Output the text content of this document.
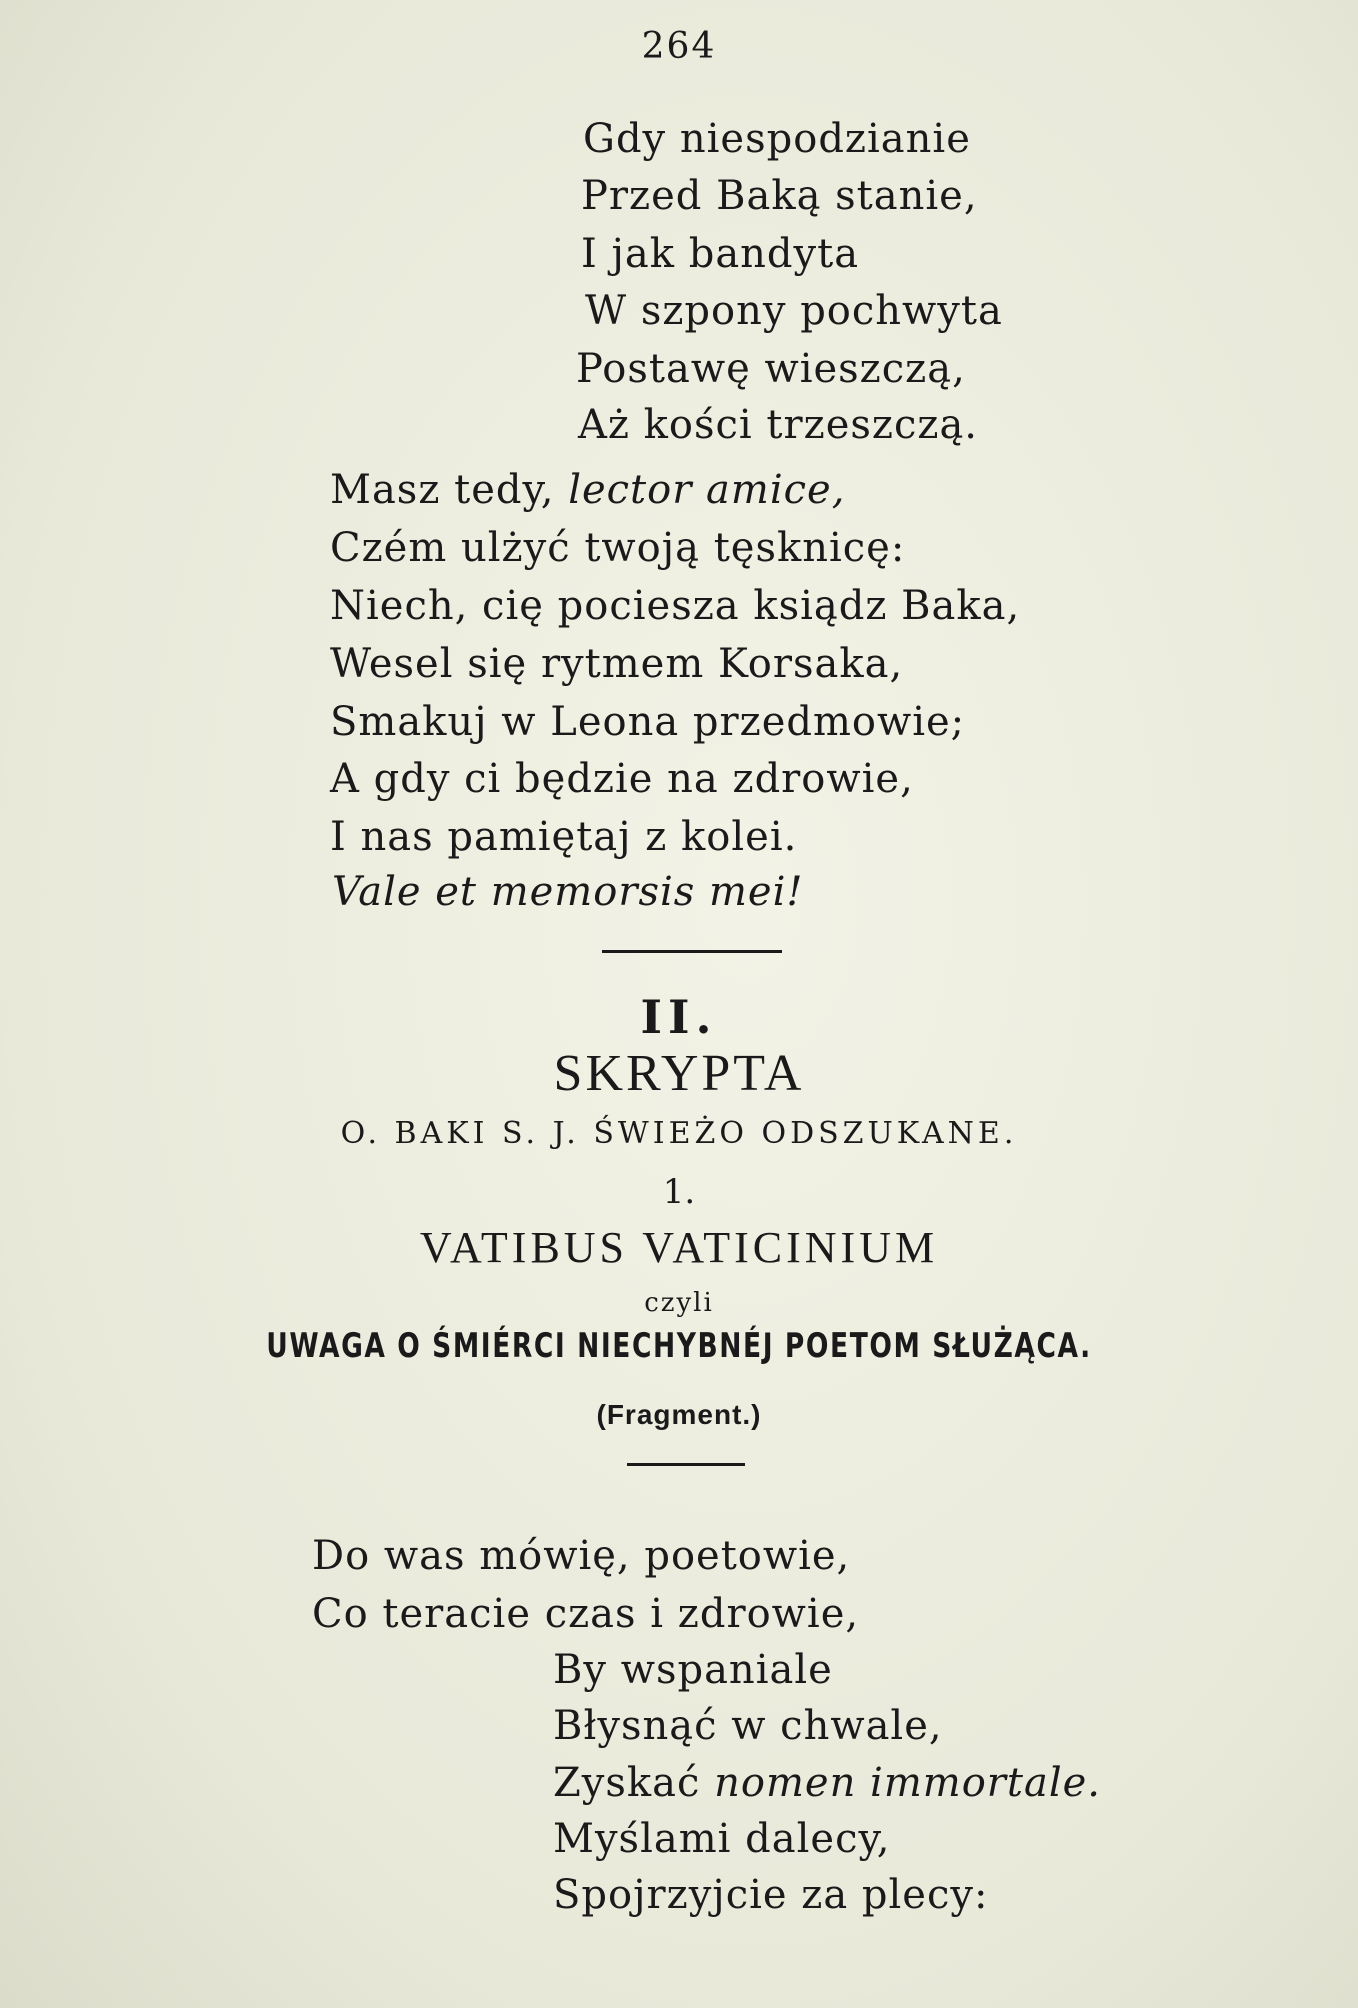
264
Gdy niespodzianie
Przed Baką stanie,
I jak bandyta
W szpony pochwyta
Postawę wieszczą,
Aż kości trzeszczą.
Masz tedy, lector amice,
Czém ulżyć twoją tęsknicę:
Niech, cię pociesza ksiądz Baka,
Wesel się rytmem Korsaka,
Smakuj w Leona przedmowie;
A gdy ci będzie na zdrowie,
I nas pamiętaj z kolei.
Vale et memorsis mei!
II.
SKRYPTA
O. BAKI S. J. ŚWIEŻO ODSZUKANE.
1.
VATIBUS VATICINIUM
czyli
UWAGA O ŚMIÉRCI NIECHYBNÉJ POETOM SŁUŻĄCA.
(Fragment.)
Do was mówię, poetowie,
Co teracie czas i zdrowie,
By wspaniale
Błysnąć w chwale,
Zyskać nomen immortale.
Myślami dalecy,
Spojrzyjcie za plecy:
